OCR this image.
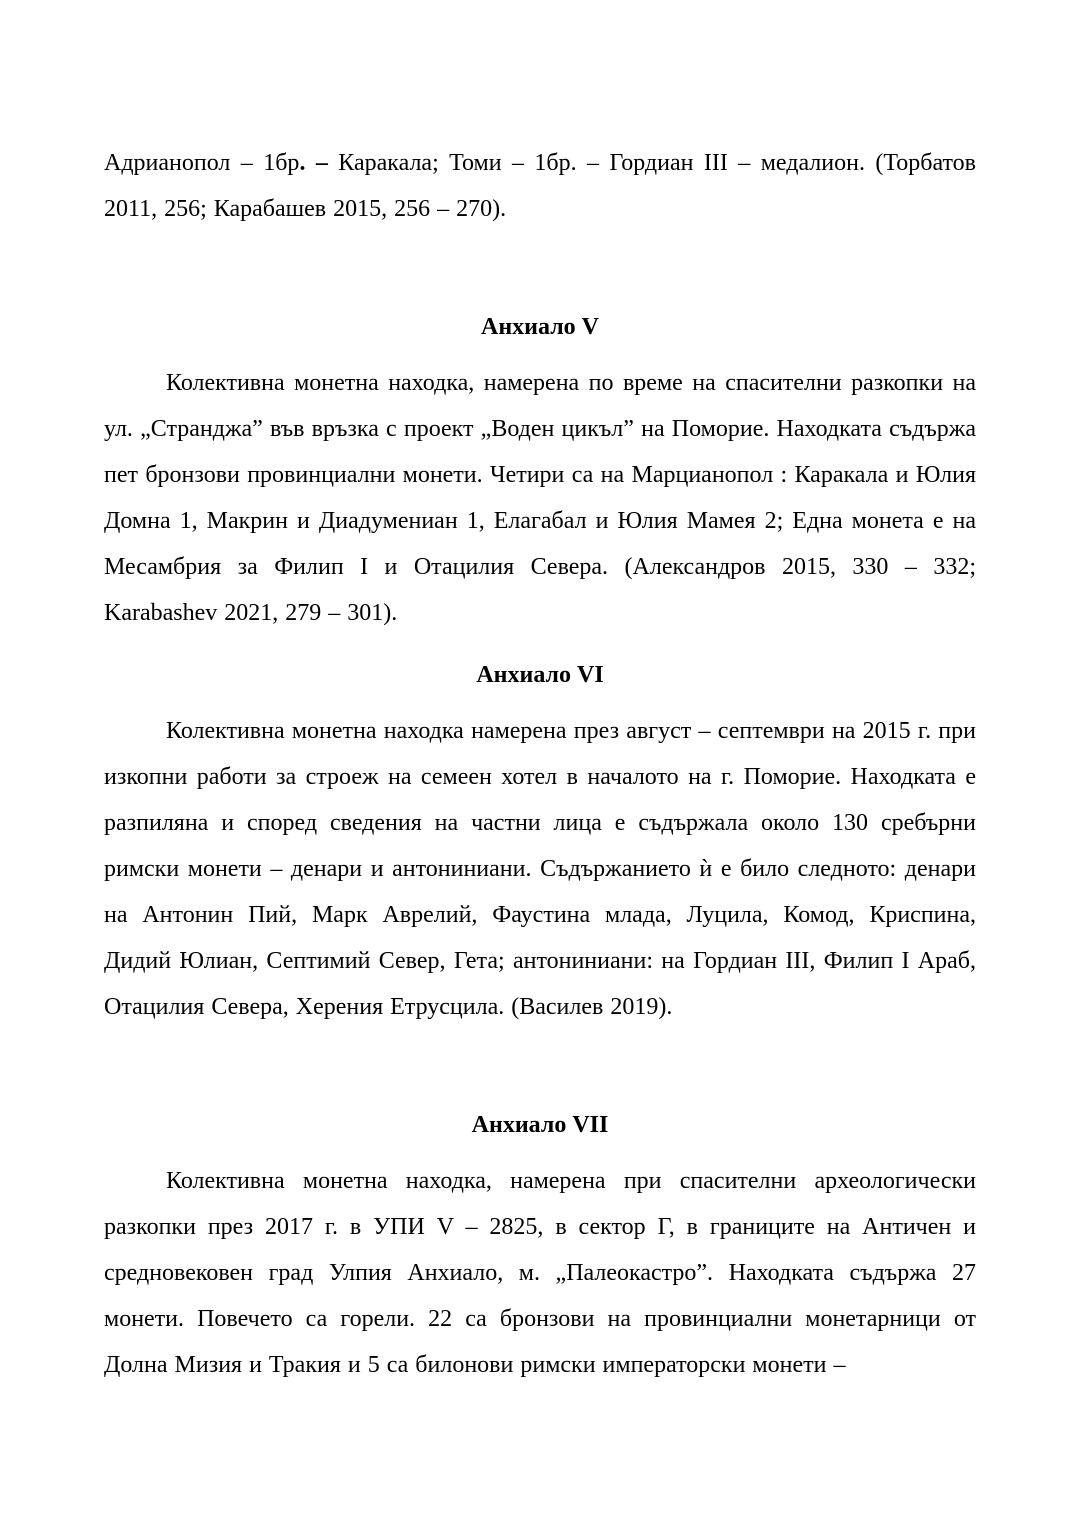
Адрианопол – 1бр. – Каракала; Томи – 1бр. – Гордиан III – медалион. (Торбатов 2011, 256; Карабашев 2015, 256 – 270).

Анхиало V

Колективна монетна находка, намерена по време на спасителни разкопки на ул. „Странджа” във връзка с проект „Воден цикъл” на Поморие. Находката съдържа пет бронзови провинциални монети. Четири са на Марцианопол : Каракала и Юлия Домна 1, Макрин и Диадумениан 1, Елагабал и Юлия Мамея 2; Една монета е на Месамбрия за Филип I и Отацилия Севера. (Александров 2015, 330 – 332; Karabashev 2021, 279 – 301).

Анхиало VI

Колективна монетна находка намерена през август – септември на 2015 г. при изкопни работи за строеж на семеен хотел в началото на г. Поморие. Находката е разпиляна и според сведения на частни лица е съдържала около 130 сребърни римски монети – денари и антониниани. Съдържанието ѝ е било следното: денари на Антонин Пий, Марк Аврелий, Фаустина млада, Луцила, Комод, Криспина, Дидий Юлиан, Септимий Север, Гета; антониниани: на Гордиан III, Филип I Араб, Отацилия Севера, Херения Етрусцила. (Василев 2019).

Анхиало VII

Колективна монетна находка, намерена при спасителни археологически разкопки през 2017 г. в УПИ V – 2825, в сектор Г, в границите на Античен и средновековен град Улпия Анхиало, м. „Палеокастро”. Находката съдържа 27 монети. Повечето са горели. 22 са бронзови на провинциални монетарници от Долна Мизия и Тракия и 5 са билонови римски императорски монети –
